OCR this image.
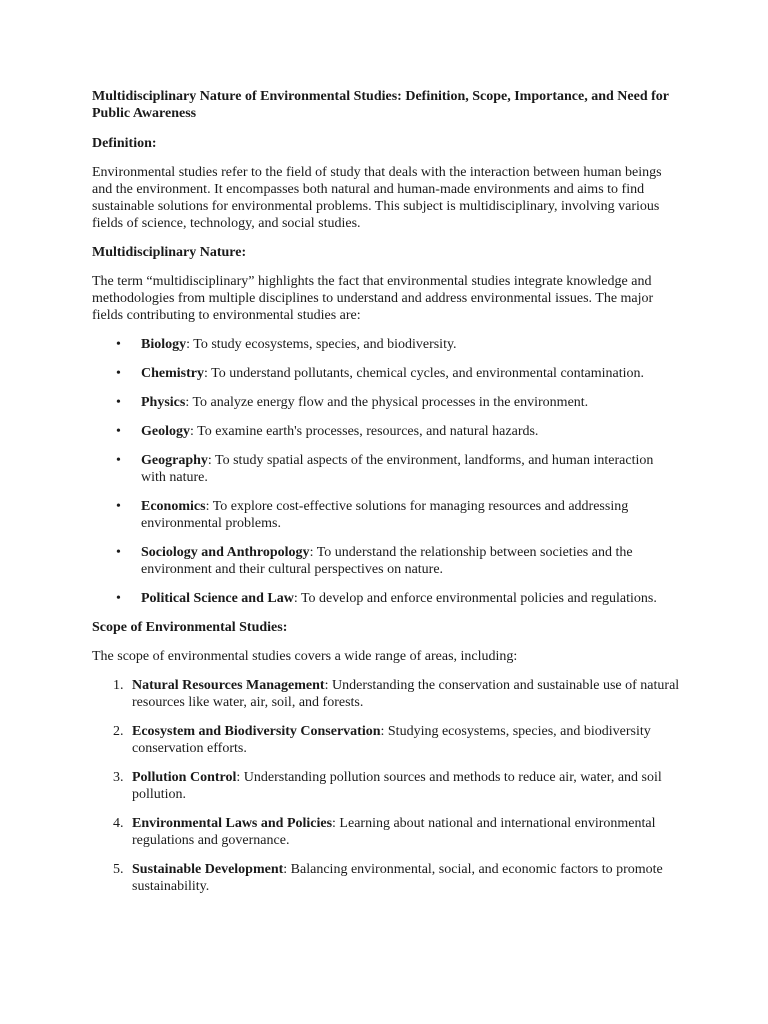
Multidisciplinary Nature of Environmental Studies: Definition, Scope, Importance, and Need for Public Awareness
Definition:

Environmental studies refer to the field of study that deals with the interaction between human beings and the environment. It encompasses both natural and human-made environments and aims to find sustainable solutions for environmental problems. This subject is multidisciplinary, involving various fields of science, technology, and social studies.

Multidisciplinary Nature:

The term “multidisciplinary” highlights the fact that environmental studies integrate knowledge and methodologies from multiple disciplines to understand and address environmental issues. The major fields contributing to environmental studies are:

• Biology: To study ecosystems, species, and biodiversity.
• Chemistry: To understand pollutants, chemical cycles, and environmental contamination.
• Physics: To analyze energy flow and the physical processes in the environment.
• Geology: To examine earth's processes, resources, and natural hazards.
• Geography: To study spatial aspects of the environment, landforms, and human interaction with nature.
• Economics: To explore cost-effective solutions for managing resources and addressing environmental problems.
• Sociology and Anthropology: To understand the relationship between societies and the environment and their cultural perspectives on nature.
• Political Science and Law: To develop and enforce environmental policies and regulations.
Scope of Environmental Studies:

The scope of environmental studies covers a wide range of areas, including:

Natural Resources Management: Understanding the conservation and sustainable use of natural resources like water, air, soil, and forests.
Ecosystem and Biodiversity Conservation: Studying ecosystems, species, and biodiversity conservation efforts.
Pollution Control: Understanding pollution sources and methods to reduce air, water, and soil pollution.
Environmental Laws and Policies: Learning about national and international environmental regulations and governance.
Sustainable Development: Balancing environmental, social, and economic factors to promote sustainability.
